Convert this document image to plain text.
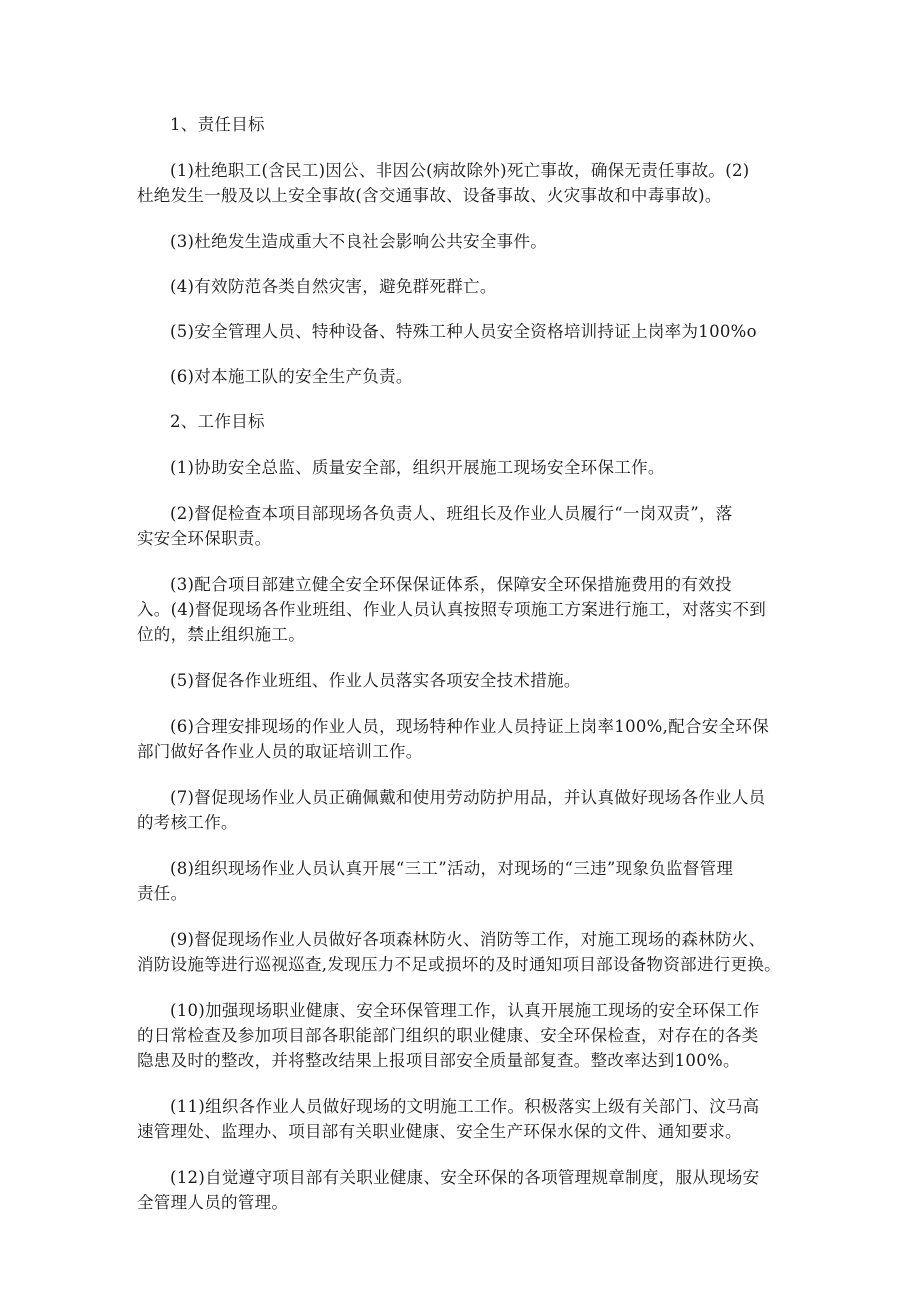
1、责任目标

(1)杜绝职工(含民工)因公、非因公(病故除外)死亡事故，确保无责任事故。(2)
杜绝发生一般及以上安全事故(含交通事故、设备事故、火灾事故和中毒事故)。

(3)杜绝发生造成重大不良社会影响公共安全事件。

(4)有效防范各类自然灾害，避免群死群亡。

(5)安全管理人员、特种设备、特殊工种人员安全资格培训持证上岗率为100%o

(6)对本施工队的安全生产负责。

2、工作目标

(1)协助安全总监、质量安全部，组织开展施工现场安全环保工作。

(2)督促检查本项目部现场各负责人、班组长及作业人员履行“一岗双责”，落
实安全环保职责。

(3)配合项目部建立健全安全环保保证体系，保障安全环保措施费用的有效投
入。(4)督促现场各作业班组、作业人员认真按照专项施工方案进行施工，对落实不到
位的，禁止组织施工。

(5)督促各作业班组、作业人员落实各项安全技术措施。

(6)合理安排现场的作业人员，现场特种作业人员持证上岗率100%,配合安全环保
部门做好各作业人员的取证培训工作。

(7)督促现场作业人员正确佩戴和使用劳动防护用品，并认真做好现场各作业人员
的考核工作。

(8)组织现场作业人员认真开展“三工”活动，对现场的“三违”现象负监督管理
责任。

(9)督促现场作业人员做好各项森林防火、消防等工作，对施工现场的森林防火、
消防设施等进行巡视巡查,发现压力不足或损坏的及时通知项目部设备物资部进行更换。

(10)加强现场职业健康、安全环保管理工作，认真开展施工现场的安全环保工作
的日常检查及参加项目部各职能部门组织的职业健康、安全环保检查，对存在的各类
隐患及时的整改，并将整改结果上报项目部安全质量部复查。整改率达到100%。

(11)组织各作业人员做好现场的文明施工工作。积极落实上级有关部门、汶马高
速管理处、监理办、项目部有关职业健康、安全生产环保水保的文件、通知要求。

(12)自觉遵守项目部有关职业健康、安全环保的各项管理规章制度，服从现场安
全管理人员的管理。
